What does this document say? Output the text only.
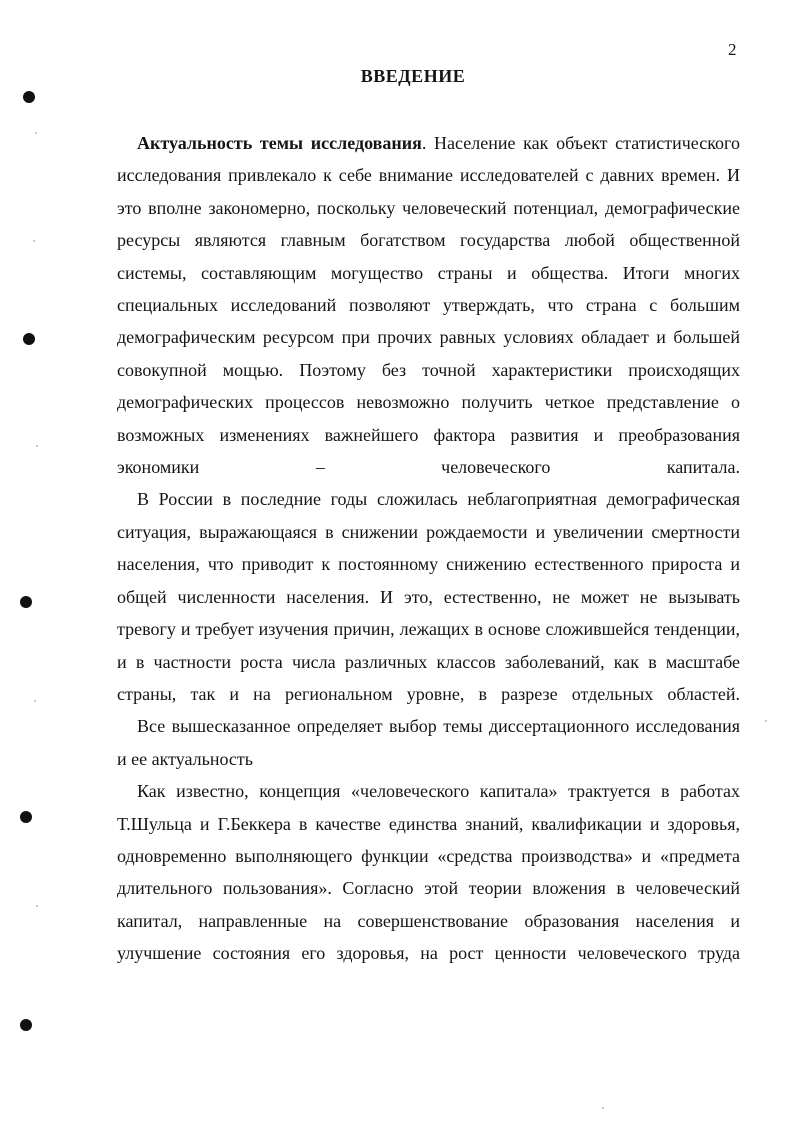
2
ВВЕДЕНИЕ

Актуальность темы исследования. Население как объект статистического исследования привлекало к себе внимание исследователей с давних времен. И это вполне закономерно, поскольку человеческий потенциал, демографические ресурсы являются главным богатством государства любой общественной системы, составляющим могущество страны и общества. Итоги многих специальных исследований позволяют утверждать, что страна с большим демографическим ресурсом при прочих равных условиях обладает и большей совокупной мощью. Поэтому без точной характеристики происходящих демографических процессов невозможно получить четкое представление о возможных изменениях важнейшего фактора развития и преобразования экономики – человеческого капитала.

В России в последние годы сложилась неблагоприятная демографическая ситуация, выражающаяся в снижении рождаемости и увеличении смертности населения, что приводит к постоянному снижению естественного прироста и общей численности населения. И это, естественно, не может не вызывать тревогу и требует изучения причин, лежащих в основе сложившейся тенденции, и в частности роста числа различных классов заболеваний, как в масштабе страны, так и на региональном уровне, в разрезе отдельных областей.

Все вышесказанное определяет выбор темы диссертационного исследования и ее актуальность

Как известно, концепция «человеческого капитала» трактуется в работах Т.Шульца и Г.Беккера в качестве единства знаний, квалификации и здоровья, одновременно выполняющего функции «средства производства» и «предмета длительного пользования». Согласно этой теории вложения в человеческий капитал, направленные на совершенствование образования населения и улучшение состояния его здоровья, на рост ценности человеческого труда
